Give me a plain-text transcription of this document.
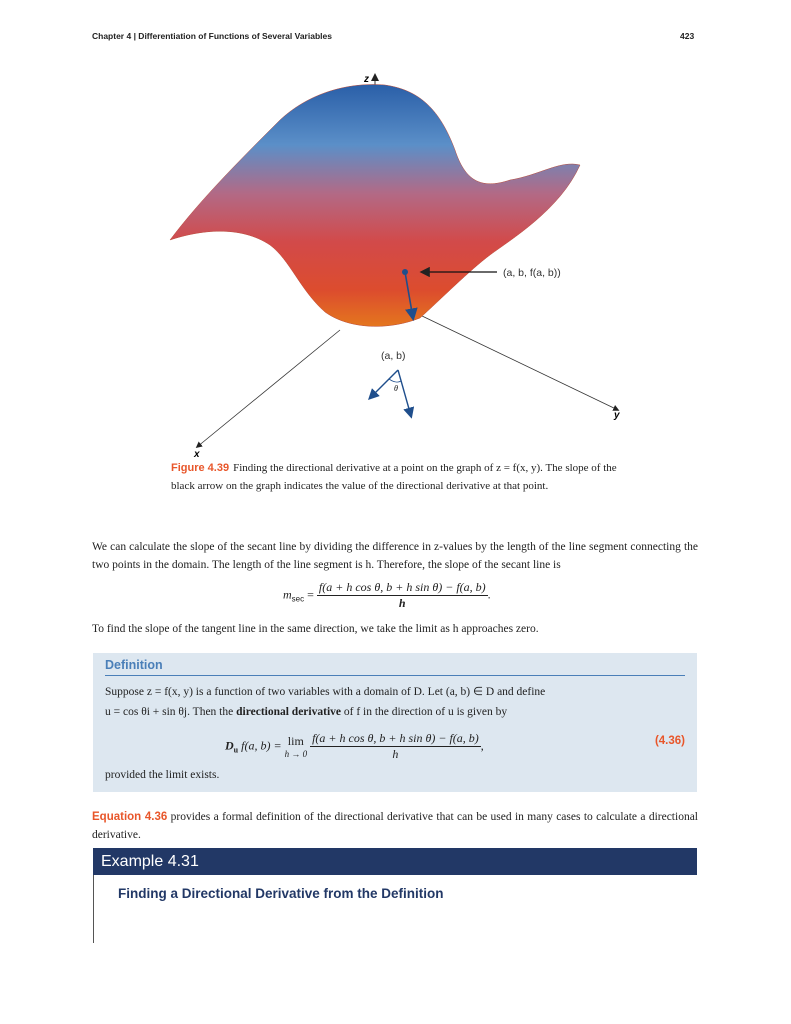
Chapter 4 | Differentiation of Functions of Several Variables	423
z
x
y
(a, b, f(a, b))
(a, b)
θ
Figure 4.39 Finding the directional derivative at a point on the graph of z = f(x, y). The slope of the black arrow on the graph indicates the value of the directional derivative at that point.
We can calculate the slope of the secant line by dividing the difference in z-values by the length of the line segment connecting the two points in the domain. The length of the line segment is h. Therefore, the slope of the secant line is
$m_{sec} = \frac{\text{f(a + h cos θ, b + h sin θ) − f(a, b)}}{h}$ .
To find the slope of the tangent line in the same direction, we take the limit as h approaches zero.
Definition
Suppose z = f(x, y) is a function of two variables with a domain of D. Let (a, b) ∈ D and define
u = cos θi + sin θj. Then the directional derivative of f in the direction of u is given by
$D_u$ f(a, b) = lim
h → 0
$\frac{\text{f(a + h cos θ, b + h sin θ) − f(a, b)}}{h}$ ,	(4.36)
provided the limit exists.
Equation 4.36 provides a formal definition of the directional derivative that can be used in many cases to calculate a directional derivative.
Example 4.31
Finding a Directional Derivative from the Definition
